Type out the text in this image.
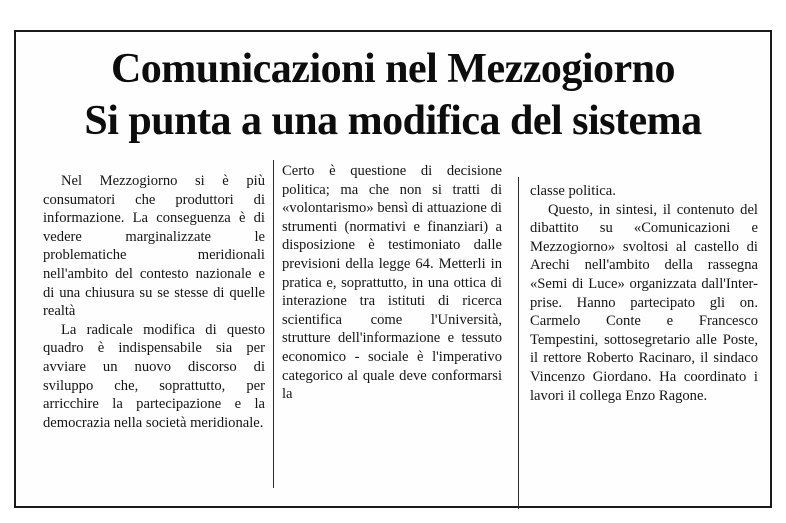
Comunicazioni nel Mezzogiorno
Si punta a una modifica del sistema

Nel Mezzogiorno si è più consumatori che produttori di informazione. La conseguenza è di vedere marginalizzate le problematiche meridionali nell'ambito del contesto nazionale e di una chiusura su se stesse di quelle realtà

La radicale modifica di questo quadro è indispensabile sia per avviare un nuovo discorso di sviluppo che, soprattutto, per arricchire la partecipazione e la democrazia nella società meridionale.

Certo è questione di decisione politica; ma che non si tratti di «volontarismo» bensì di attuazione di strumenti (normativi e finanziari) a disposizione è testimoniato dalle previsioni della legge 64. Metterli in pratica e, soprattutto, in una ottica di interazione tra istituti di ricerca scientifica come l'Università, strutture dell'informazione e tessuto economico - sociale è l'imperativo categorico al quale deve conformarsi la

classe politica.

Questo, in sintesi, il contenuto del dibattito su «Comunicazioni e Mezzogiorno» svoltosi al castello di Arechi nell'ambito della rassegna «Semi di Luce» organizzata dall'Inter-prise. Hanno partecipato gli on. Carmelo Conte e Francesco Tempestini, sottosegretario alle Poste, il rettore Roberto Racinaro, il sindaco Vincenzo Giordano. Ha coordinato i lavori il collega Enzo Ragone.
